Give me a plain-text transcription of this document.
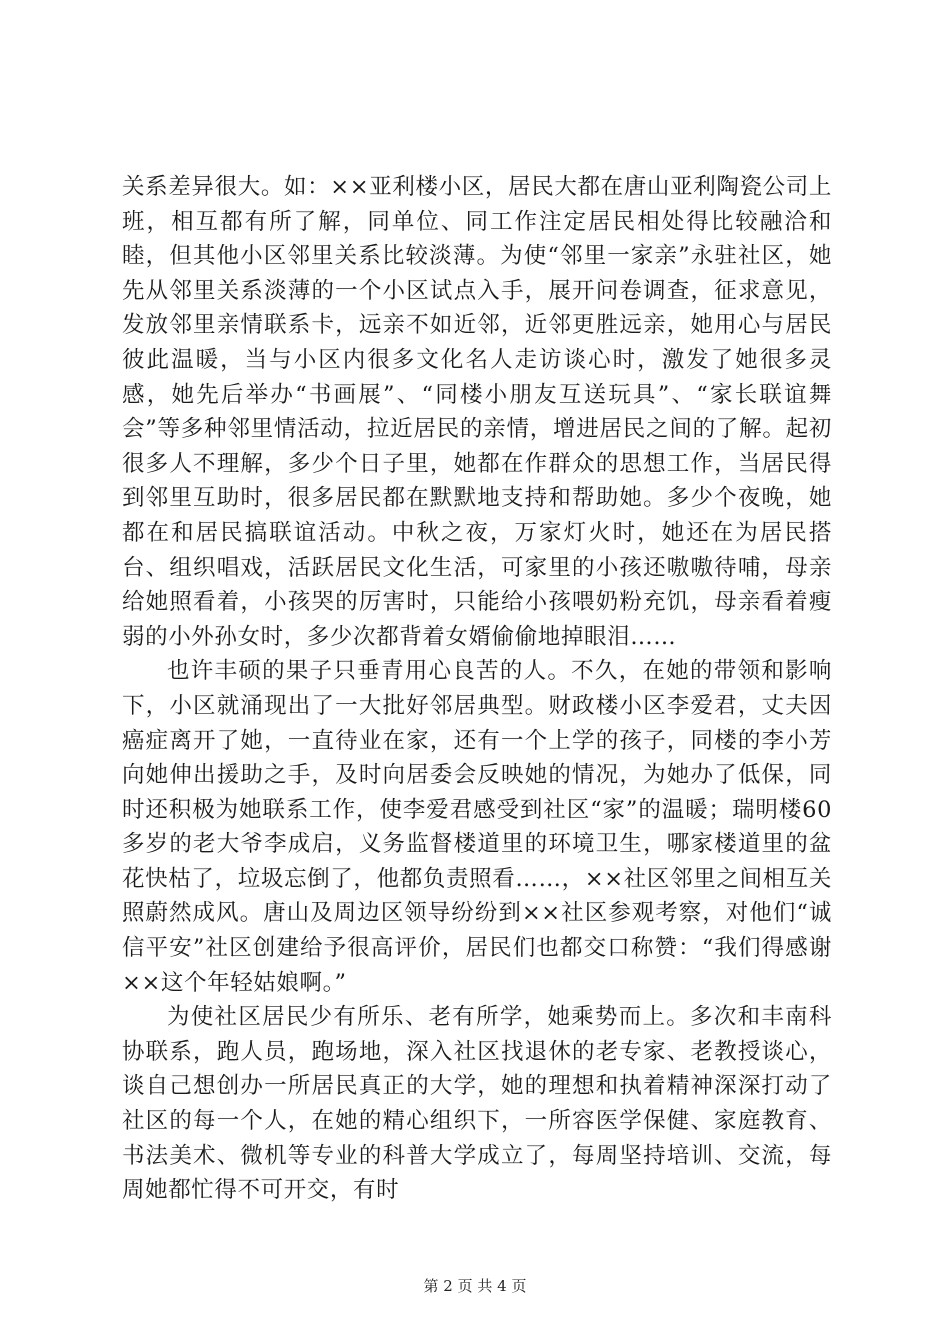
关系差异很大。如：××亚利楼小区，居民大都在唐山亚利陶瓷公司上班，相互都有所了解，同单位、同工作注定居民相处得比较融洽和睦，但其他小区邻里关系比较淡薄。为使“邻里一家亲”永驻社区，她先从邻里关系淡薄的一个小区试点入手，展开问卷调查，征求意见，发放邻里亲情联系卡，远亲不如近邻，近邻更胜远亲，她用心与居民彼此温暖，当与小区内很多文化名人走访谈心时，激发了她很多灵感，她先后举办“书画展”、“同楼小朋友互送玩具”、“家长联谊舞会”等多种邻里情活动，拉近居民的亲情，增进居民之间的了解。起初很多人不理解，多少个日子里，她都在作群众的思想工作，当居民得到邻里互助时，很多居民都在默默地支持和帮助她。多少个夜晚，她都在和居民搞联谊活动。中秋之夜，万家灯火时，她还在为居民搭台、组织唱戏，活跃居民文化生活，可家里的小孩还嗷嗷待哺，母亲给她照看着，小孩哭的厉害时，只能给小孩喂奶粉充饥，母亲看着瘦弱的小外孙女时，多少次都背着女婿偷偷地掉眼泪……

也许丰硕的果子只垂青用心良苦的人。不久，在她的带领和影响下，小区就涌现出了一大批好邻居典型。财政楼小区李爱君，丈夫因癌症离开了她，一直待业在家，还有一个上学的孩子，同楼的李小芳向她伸出援助之手，及时向居委会反映她的情况，为她办了低保，同时还积极为她联系工作，使李爱君感受到社区“家”的温暖；瑞明楼60多岁的老大爷李成启，义务监督楼道里的环境卫生，哪家楼道里的盆花快枯了，垃圾忘倒了，他都负责照看……，××社区邻里之间相互关照蔚然成风。唐山及周边区领导纷纷到××社区参观考察，对他们“诚信平安”社区创建给予很高评价，居民们也都交口称赞：“我们得感谢××这个年轻姑娘啊。”

为使社区居民少有所乐、老有所学，她乘势而上。多次和丰南科协联系，跑人员，跑场地，深入社区找退休的老专家、老教授谈心，谈自己想创办一所居民真正的大学，她的理想和执着精神深深打动了社区的每一个人，在她的精心组织下，一所容医学保健、家庭教育、书法美术、微机等专业的科普大学成立了，每周坚持培训、交流，每周她都忙得不可开交，有时

第 2 页 共 4 页
